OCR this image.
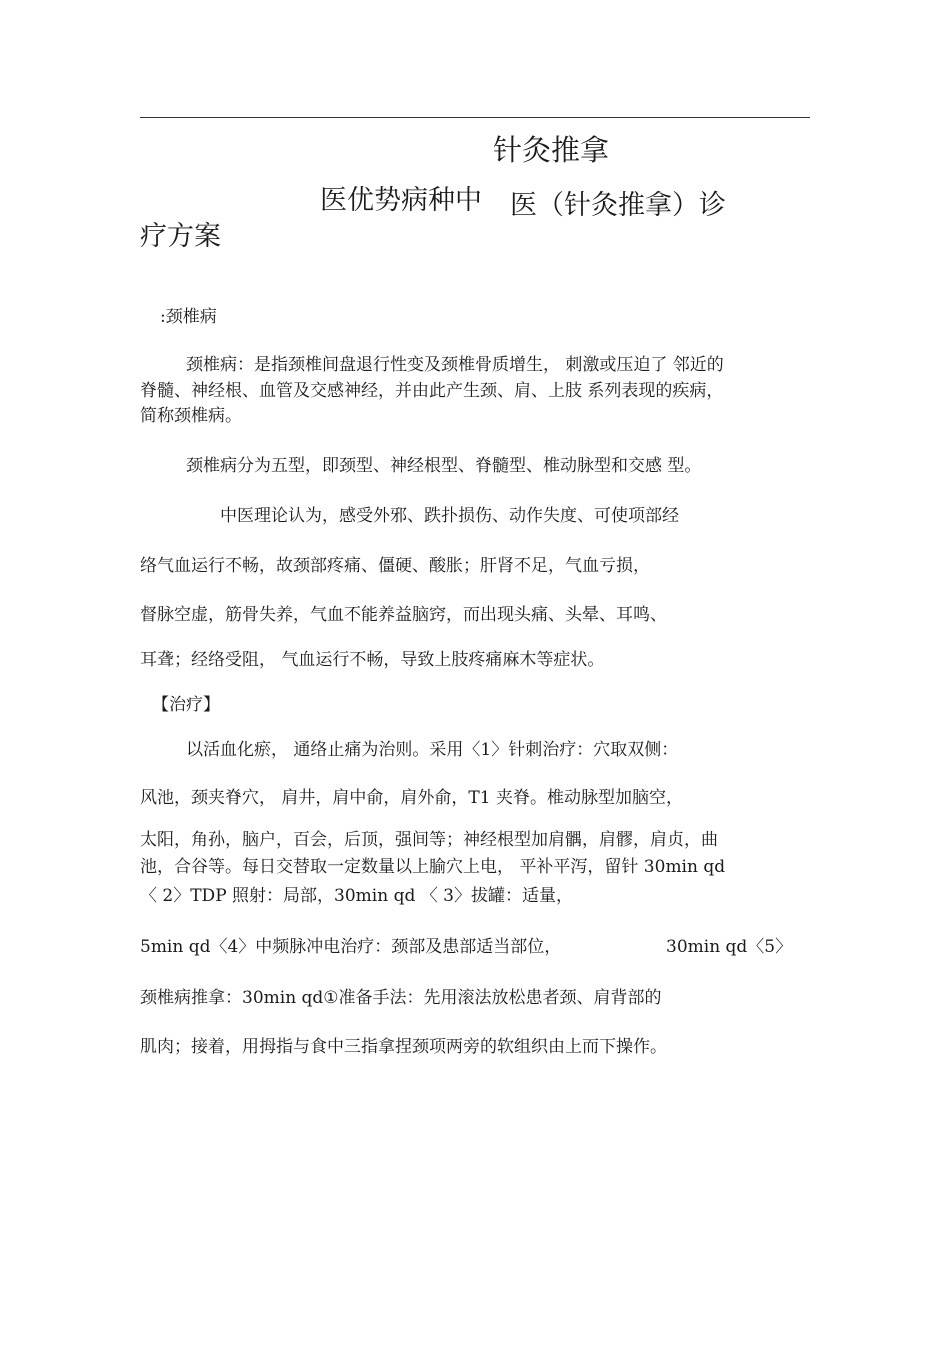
针灸推拿
医优势病种中 医（针灸推拿）诊
疗方案
:颈椎病
颈椎病：是指颈椎间盘退行性变及颈椎骨质增生， 刺激或压迫了 邻近的
脊髓、神经根、血管及交感神经，并由此产生颈、肩、上肢 系列表现的疾病，
简称颈椎病。
颈椎病分为五型，即颈型、神经根型、脊髓型、椎动脉型和交感 型。
中医理论认为，感受外邪、跌扑损伤、动作失度、可使项部经
络气血运行不畅，故颈部疼痛、僵硬、酸胀；肝肾不足，气血亏损，
督脉空虚，筋骨失养，气血不能养益脑窍，而出现头痛、头晕、耳鸣、
耳聋；经络受阻， 气血运行不畅，导致上肢疼痛麻木等症状。
【治疗】
以活血化瘀， 通络止痛为治则。采用〈1〉针刺治疗：穴取双侧：
风池，颈夹脊穴， 肩井，肩中俞，肩外俞，T1 夹脊。椎动脉型加脑空，
太阳，角孙，脑户，百会，后顶，强间等；神经根型加肩髃，肩髎，肩贞，曲
池，合谷等。每日交替取一定数量以上腧穴上电， 平补平泻，留针 30min qd
〈 2〉TDP 照射：局部，30min qd 〈 3〉拔罐：适量，
5min qd〈4〉中频脉冲电治疗：颈部及患部适当部位，	30min qd〈5〉
颈椎病推拿：30min qd①准备手法：先用滚法放松患者颈、肩背部的
肌肉；接着，用拇指与食中三指拿捏颈项两旁的软组织由上而下操作。
